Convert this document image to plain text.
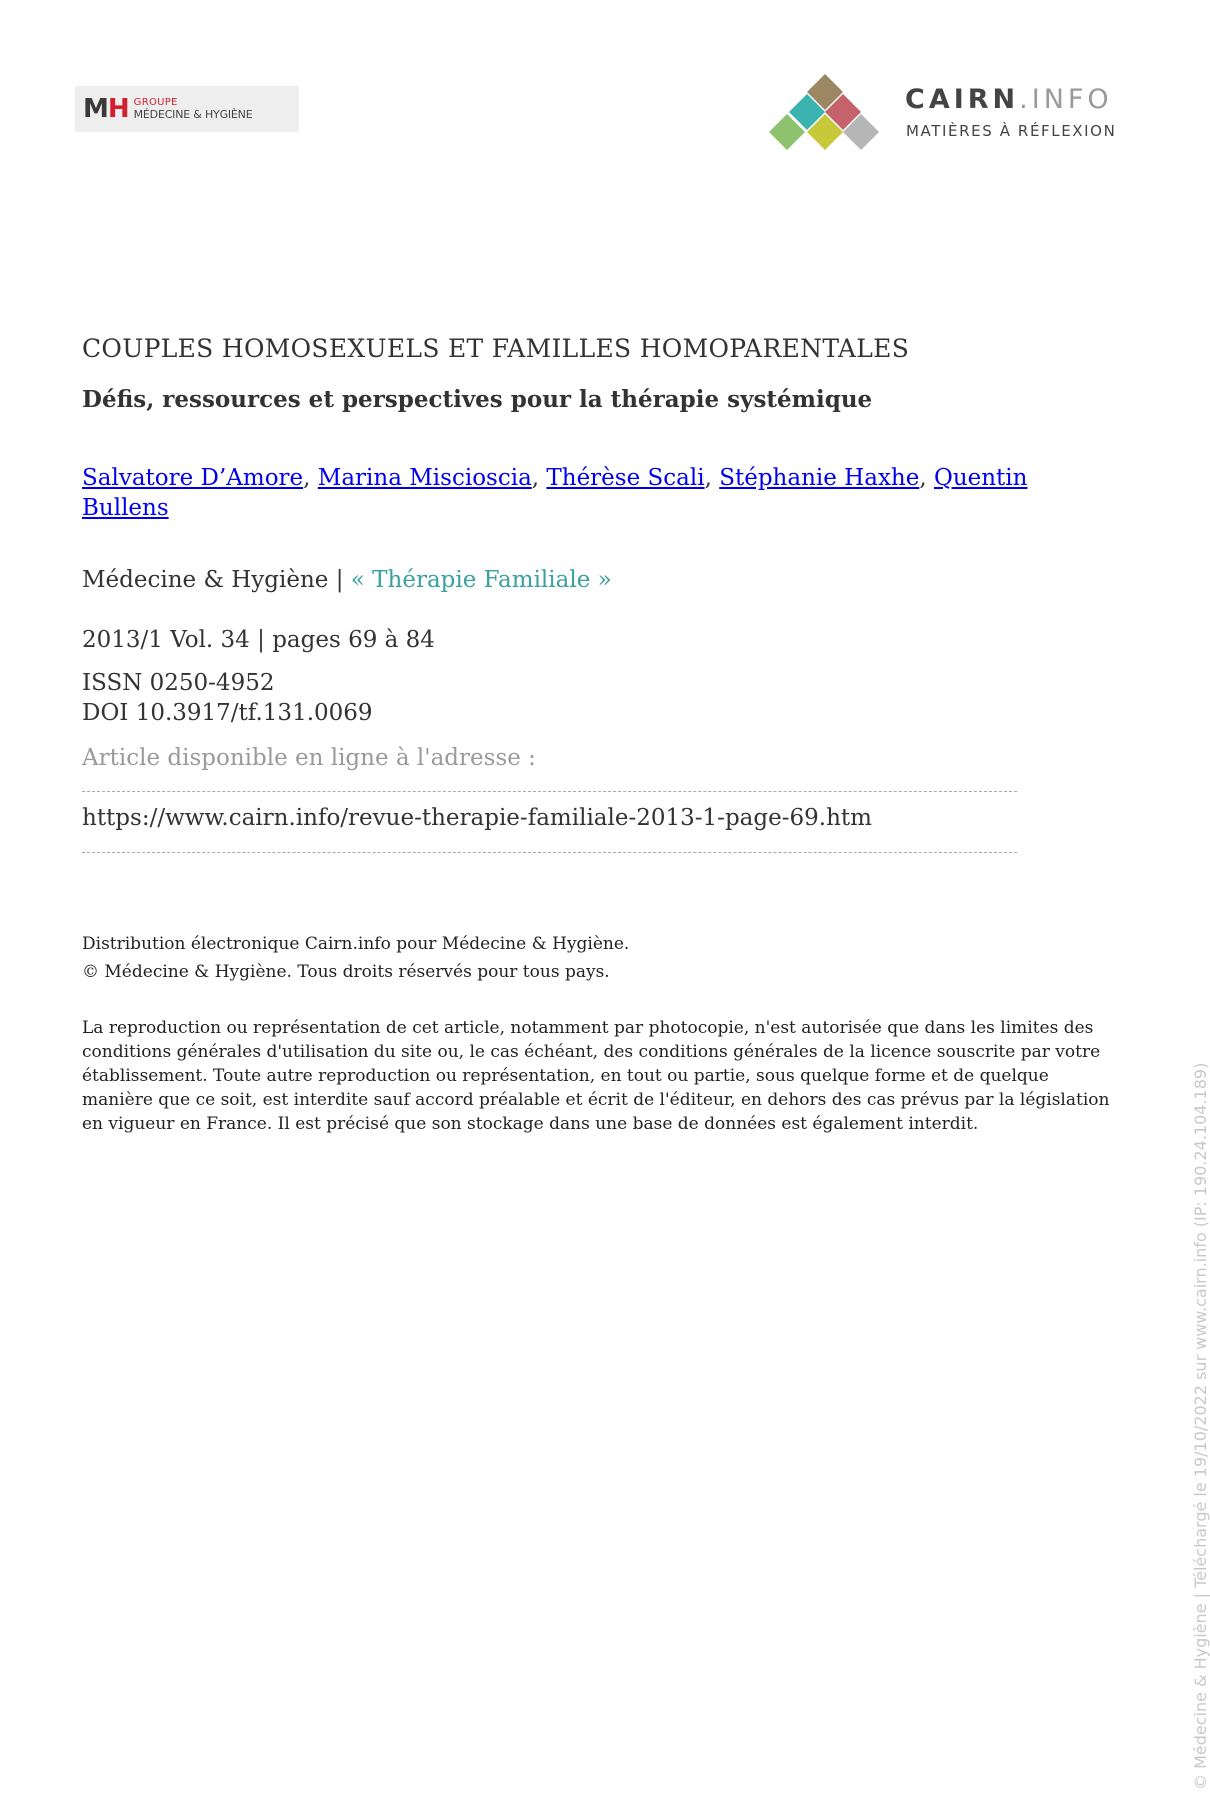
M H GROUPE
MÉDECINE & HYGIÈNE	CAIRN.INFO
MATIÈRES À RÉFLEXION
COUPLES HOMOSEXUELS ET FAMILLES HOMOPARENTALES
Défis, ressources et perspectives pour la thérapie systémique
Salvatore D’Amore, Marina Miscioscia, Thérèse Scali, Stéphanie Haxhe, Quentin Bullens
Médecine & Hygiène | « Thérapie Familiale »
2013/1 Vol. 34 | pages 69 à 84
ISSN 0250-4952
DOI 10.3917/tf.131.0069
Article disponible en ligne à l'adresse :
https://www.cairn.info/revue-therapie-familiale-2013-1-page-69.htm
Distribution électronique Cairn.info pour Médecine & Hygiène.
© Médecine & Hygiène. Tous droits réservés pour tous pays.
La reproduction ou représentation de cet article, notamment par photocopie, n'est autorisée que dans les limites des conditions générales d'utilisation du site ou, le cas échéant, des conditions générales de la licence souscrite par votre établissement. Toute autre reproduction ou représentation, en tout ou partie, sous quelque forme et de quelque manière que ce soit, est interdite sauf accord préalable et écrit de l'éditeur, en dehors des cas prévus par la législation en vigueur en France. Il est précisé que son stockage dans une base de données est également interdit.	© Médecine & Hygiène | Téléchargé le 19/10/2022 sur www.cairn.info (IP: 190.24.104.189)
